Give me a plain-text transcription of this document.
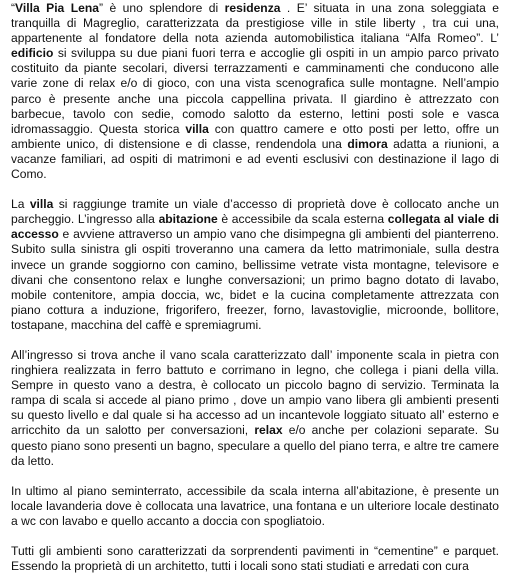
“Villa Pia Lena” è uno splendore di residenza . E’ situata in una zona soleggiata e tranquilla di Magreglio, caratterizzata da prestigiose ville in stile liberty , tra cui una, appartenente al fondatore della nota azienda automobilistica italiana “Alfa Romeo”. L’ edificio si sviluppa su due piani fuori terra e accoglie gli ospiti in un ampio parco privato costituito da piante secolari, diversi terrazzamenti e camminamenti che conducono alle varie zone di relax e/o di gioco, con una vista scenografica sulle montagne. Nell’ampio parco è presente anche una piccola cappellina privata. Il giardino è attrezzato con barbecue, tavolo con sedie, comodo salotto da esterno, lettini posti sole e vasca idromassaggio. Questa storica villa con quattro camere e otto posti per letto, offre un ambiente unico, di distensione e di classe, rendendola una dimora adatta a riunioni, a vacanze familiari, ad ospiti di matrimoni e ad eventi esclusivi con destinazione il lago di Como.

La villa si raggiunge tramite un viale d’accesso di proprietà dove è collocato anche un parcheggio. L’ingresso alla abitazione è accessibile da scala esterna collegata al viale di accesso e avviene attraverso un ampio vano che disimpegna gli ambienti del pianterreno. Subito sulla sinistra gli ospiti troveranno una camera da letto matrimoniale, sulla destra invece un grande soggiorno con camino, bellissime vetrate vista montagne, televisore e divani che consentono relax e lunghe conversazioni; un primo bagno dotato di lavabo, mobile contenitore, ampia doccia, wc, bidet e la cucina completamente attrezzata con piano cottura a induzione, frigorifero, freezer, forno, lavastoviglie, microonde, bollitore, tostapane, macchina del caffè e spremiagrumi.

All’ingresso si trova anche il vano scala caratterizzato dall’ imponente scala in pietra con ringhiera realizzata in ferro battuto e corrimano in legno, che collega i piani della villa. Sempre in questo vano a destra, è collocato un piccolo bagno di servizio. Terminata la rampa di scala si accede al piano primo , dove un ampio vano libera gli ambienti presenti su questo livello e dal quale si ha accesso ad un incantevole loggiato situato all’ esterno e arricchito da un salotto per conversazioni, relax e/o anche per colazioni separate. Su questo piano sono presenti un bagno, speculare a quello del piano terra, e altre tre camere da letto.

In ultimo al piano seminterrato, accessibile da scala interna all’abitazione, è presente un locale lavanderia dove è collocata una lavatrice, una fontana e un ulteriore locale destinato a wc con lavabo e quello accanto a doccia con spogliatoio.

Tutti gli ambienti sono caratterizzati da sorprendenti pavimenti in “cementine” e parquet. Essendo la proprietà di un architetto, tutti i locali sono stati studiati e arredati con cura
